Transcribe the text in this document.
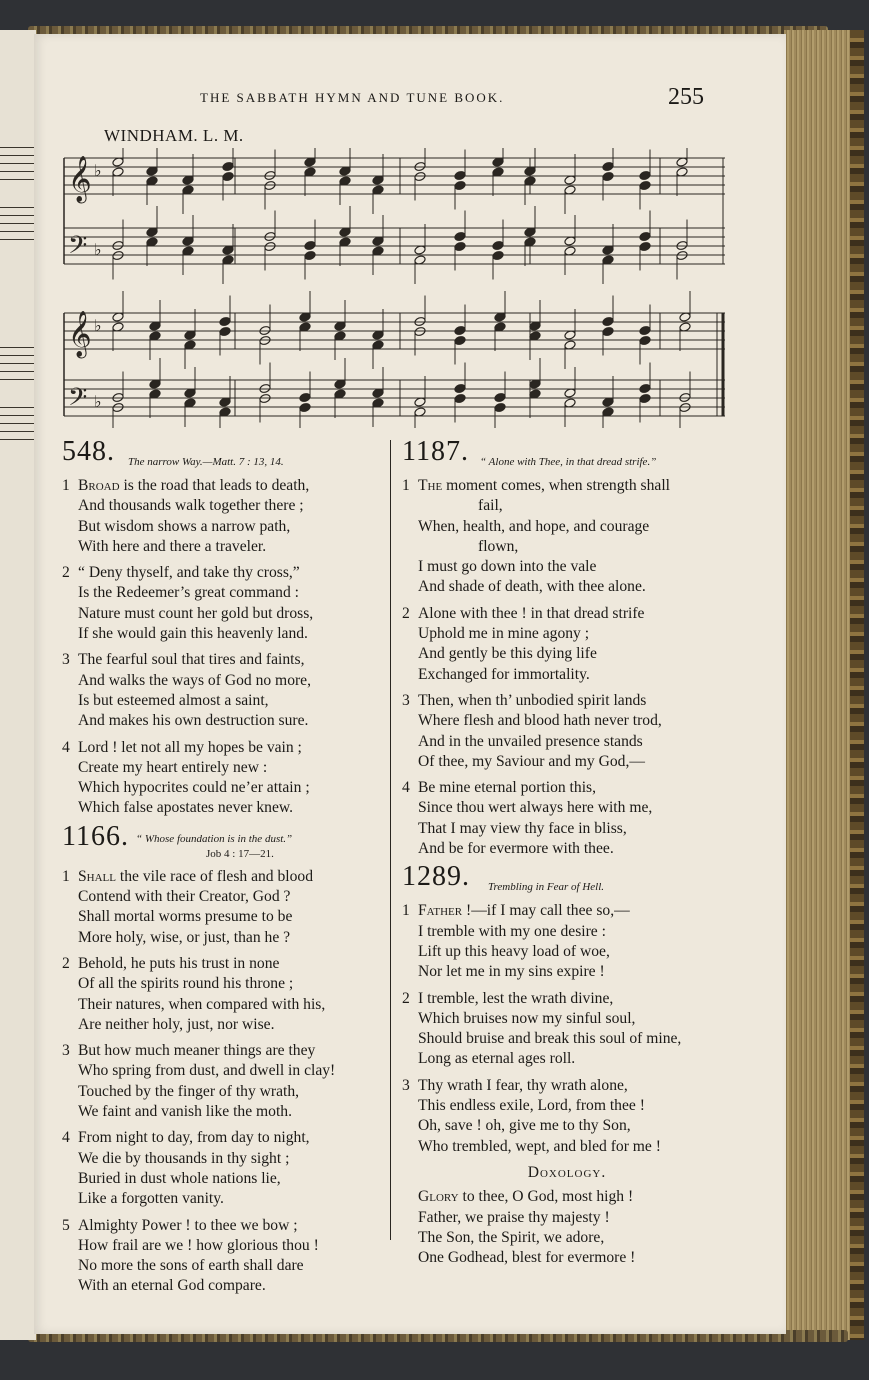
THE SABBATH HYMN AND TUNE BOOK.	255
WINDHAM. L. M.
𝄞 ♭
𝄢 ♭
𝄞 ♭
𝄢 ♭
548. The narrow Way.—Matt. 7 : 13, 14.
1 Broad is the road that leads to death,
And thousands walk together there ;
But wisdom shows a narrow path,
With here and there a traveler.
2 “ Deny thyself, and take thy cross,”
Is the Redeemer’s great command :
Nature must count her gold but dross,
If she would gain this heavenly land.
3 The fearful soul that tires and faints,
And walks the ways of God no more,
Is but esteemed almost a saint,
And makes his own destruction sure.
4 Lord ! let not all my hopes be vain ;
Create my heart entirely new :
Which hypocrites could ne’er attain ;
Which false apostates never knew.
1166. “ Whose foundation is in the dust.”
Job 4 : 17—21.
1 Shall the vile race of flesh and blood
Contend with their Creator, God ?
Shall mortal worms presume to be
More holy, wise, or just, than he ?
2 Behold, he puts his trust in none
Of all the spirits round his throne ;
Their natures, when compared with his,
Are neither holy, just, nor wise.
3 But how much meaner things are they
Who spring from dust, and dwell in clay!
Touched by the finger of thy wrath,
We faint and vanish like the moth.
4 From night to day, from day to night,
We die by thousands in thy sight ;
Buried in dust whole nations lie,
Like a forgotten vanity.
5 Almighty Power ! to thee we bow ;
How frail are we ! how glorious thou !
No more the sons of earth shall dare
With an eternal God compare.
1187. “ Alone with Thee, in that dread strife.”
1 The moment comes, when strength shall
fail,
When, health, and hope, and courage
flown,
I must go down into the vale
And shade of death, with thee alone.
2 Alone with thee ! in that dread strife
Uphold me in mine agony ;
And gently be this dying life
Exchanged for immortality.
3 Then, when th’ unbodied spirit lands
Where flesh and blood hath never trod,
And in the unvailed presence stands
Of thee, my Saviour and my God,—
4 Be mine eternal portion this,
Since thou wert always here with me,
That I may view thy face in bliss,
And be for evermore with thee.
1289. Trembling in Fear of Hell.
1 Father !—if I may call thee so,—
I tremble with my one desire :
Lift up this heavy load of woe,
Nor let me in my sins expire !
2 I tremble, lest the wrath divine,
Which bruises now my sinful soul,
Should bruise and break this soul of mine,
Long as eternal ages roll.
3 Thy wrath I fear, thy wrath alone,
This endless exile, Lord, from thee !
Oh, save ! oh, give me to thy Son,
Who trembled, wept, and bled for me !
Doxology.
Glory to thee, O God, most high !
Father, we praise thy majesty !
The Son, the Spirit, we adore,
One Godhead, blest for evermore !
